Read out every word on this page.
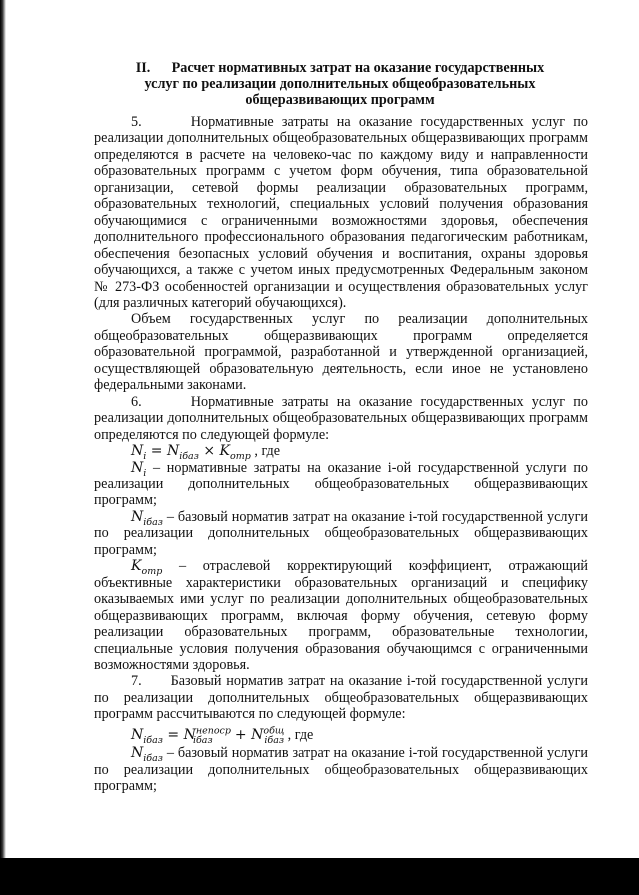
II. Расчет нормативных затрат на оказание государственных
услуг по реализации дополнительных общеобразовательных
общеразвивающих программ

5.	Нормативные затраты на оказание государственных услуг по реализации дополнительных общеобразовательных общеразвивающих программ определяются в расчете на человеко-час по каждому виду и направленности образовательных программ с учетом форм обучения, типа образовательной организации, сетевой формы реализации образовательных программ, образовательных технологий, специальных условий получения образования обучающимися с ограниченными возможностями здоровья, обеспечения дополнительного профессионального образования педагогическим работникам, обеспечения безопасных условий обучения и воспитания, охраны здоровья обучающихся, а также с учетом иных предусмотренных Федеральным законом № 273-ФЗ особенностей организации и осуществления образовательных услуг (для различных категорий обучающихся).

Объем государственных услуг по реализации дополнительных общеобразовательных общеразвивающих программ определяется образовательной программой, разработанной и утвержденной организацией, осуществляющей образовательную деятельность, если иное не установлено федеральными законами.

6.	Нормативные затраты на оказание государственных услуг по реализации дополнительных общеобразовательных общеразвивающих программ определяются по следующей формуле:

$N_i = N_{iбаз} \times K_{отр}$ , где

$N_i$ – нормативные затраты на оказание i-ой государственной услуги по реализации дополнительных общеобразовательных общеразвивающих программ;

$N_{iбаз}$ – базовый норматив затрат на оказание i-той государственной услуги по реализации дополнительных общеобразовательных общеразвивающих программ;

$K_{отр}$ – отраслевой корректирующий коэффициент, отражающий объективные характеристики образовательных организаций и специфику оказываемых ими услуг по реализации дополнительных общеобразовательных общеразвивающих программ, включая форму обучения, сетевую форму реализации образовательных программ, образовательные технологии, специальные условия получения образования обучающимся с ограниченными возможностями здоровья.

7. Базовый норматив затрат на оказание i-той государственной услуги по реализации дополнительных общеобразовательных общеразвивающих программ рассчитываются по следующей формуле:

$N_{iбаз} = N^{непоср}_{iбаз} + N^{общ}_{iбаз}$ , где

$N_{iбаз}$ – базовый норматив затрат на оказание i-той государственной услуги по реализации дополнительных общеобразовательных общеразвивающих программ;
